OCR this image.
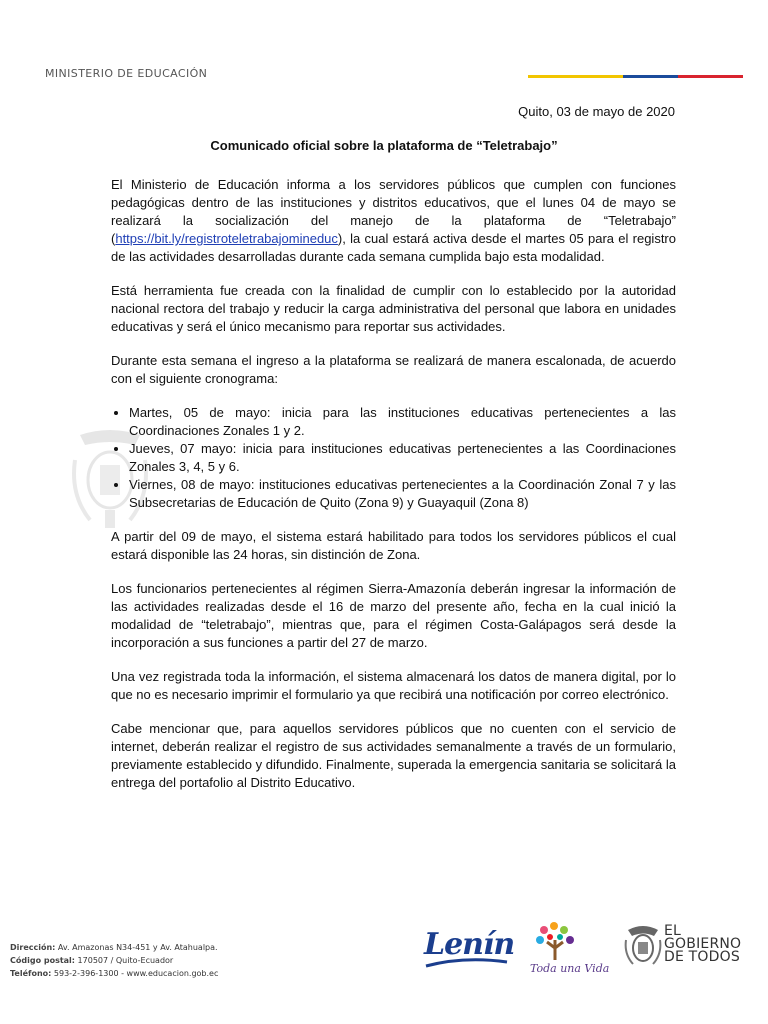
MINISTERIO DE EDUCACIÓN
Quito, 03 de mayo de 2020
Comunicado oficial sobre la plataforma de “Teletrabajo”

El Ministerio de Educación informa a los servidores públicos que cumplen con funciones pedagógicas dentro de las instituciones y distritos educativos, que el lunes 04 de mayo se realizará la socialización del manejo de la plataforma de “Teletrabajo” (https://bit.ly/registroteletrabajomineduc), la cual estará activa desde el martes 05 para el registro de las actividades desarrolladas durante cada semana cumplida bajo esta modalidad.

Está herramienta fue creada con la finalidad de cumplir con lo establecido por la autoridad nacional rectora del trabajo y reducir la carga administrativa del personal que labora en unidades educativas y será el único mecanismo para reportar sus actividades.

Durante esta semana el ingreso a la plataforma se realizará de manera escalonada, de acuerdo con el siguiente cronograma:

• Martes, 05 de mayo: inicia para las instituciones educativas pertenecientes a las Coordinaciones Zonales 1 y 2.
• Jueves, 07 mayo: inicia para instituciones educativas pertenecientes a las Coordinaciones Zonales 3, 4, 5 y 6.
• Viernes, 08 de mayo: instituciones educativas pertenecientes a la Coordinación Zonal 7 y las Subsecretarias de Educación de Quito (Zona 9) y Guayaquil (Zona 8)

A partir del 09 de mayo, el sistema estará habilitado para todos los servidores públicos el cual estará disponible las 24 horas, sin distinción de Zona.

Los funcionarios pertenecientes al régimen Sierra-Amazonía deberán ingresar la información de las actividades realizadas desde el 16 de marzo del presente año, fecha en la cual inició la modalidad de “teletrabajo”, mientras que, para el régimen Costa-Galápagos será desde la incorporación a sus funciones a partir del 27 de marzo.

Una vez registrada toda la información, el sistema almacenará los datos de manera digital, por lo que no es necesario imprimir el formulario ya que recibirá una notificación por correo electrónico.

Cabe mencionar que, para aquellos servidores públicos que no cuenten con el servicio de internet, deberán realizar el registro de sus actividades semanalmente a través de un formulario, previamente establecido y difundido. Finalmente, superada la emergencia sanitaria se solicitará la entrega del portafolio al Distrito Educativo.

Dirección: Av. Amazonas N34-451 y Av. Atahualpa.
Código postal: 170507 / Quito-Ecuador
Teléfono: 593-2-396-1300 - www.educacion.gob.ec
Lenín
Toda una Vida
EL
GOBIERNO
DE TODOS
